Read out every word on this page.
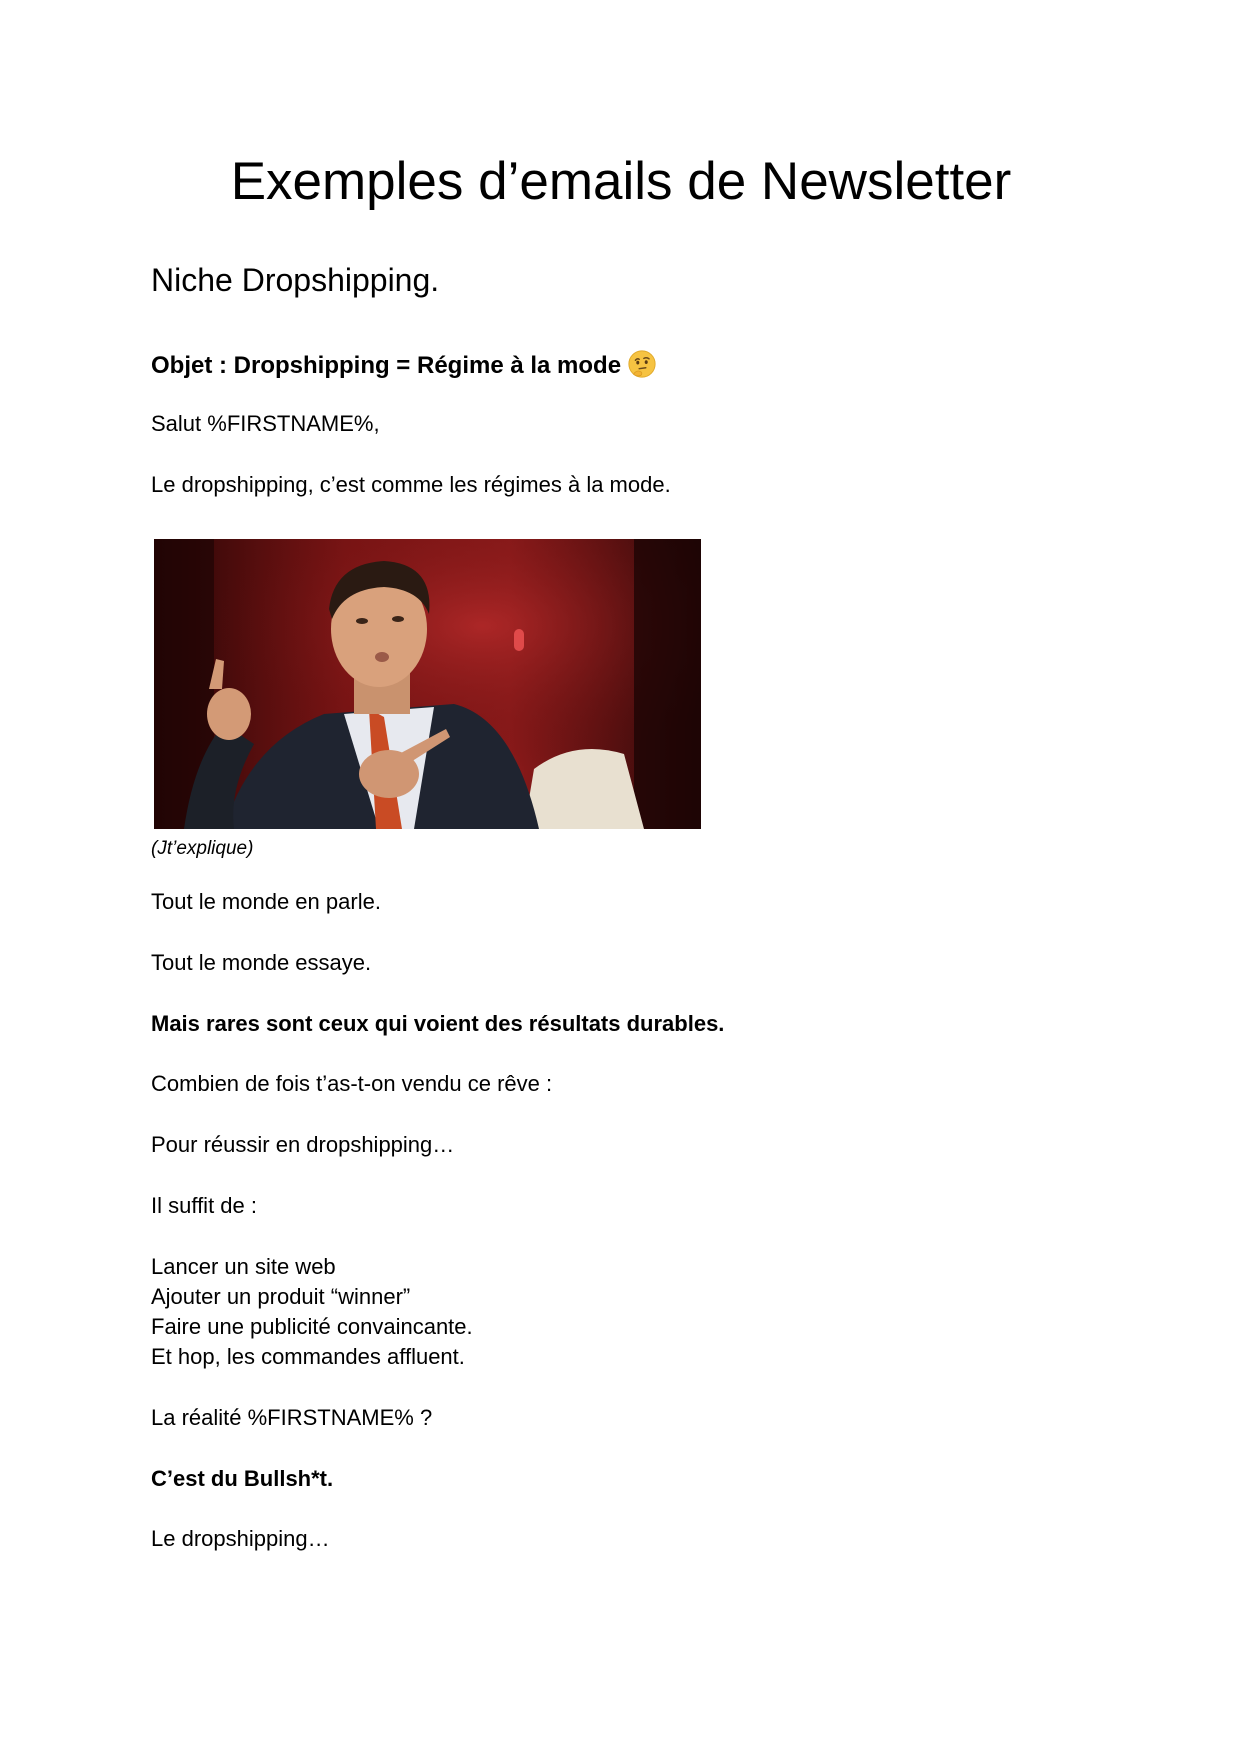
Exemples d’emails de Newsletter
Niche Dropshipping.

Objet : Dropshipping = Régime à la mode

Salut %FIRSTNAME%,

Le dropshipping, c’est comme les régimes à la mode.

(Jt’explique)

Tout le monde en parle.

Tout le monde essaye.

Mais rares sont ceux qui voient des résultats durables.

Combien de fois t’as-t-on vendu ce rêve :

Pour réussir en dropshipping…

Il suffit de :

Lancer un site web

Ajouter un produit “winner”

Faire une publicité convaincante.

Et hop, les commandes affluent.

La réalité %FIRSTNAME% ?

C’est du Bullsh*t.

Le dropshipping…
